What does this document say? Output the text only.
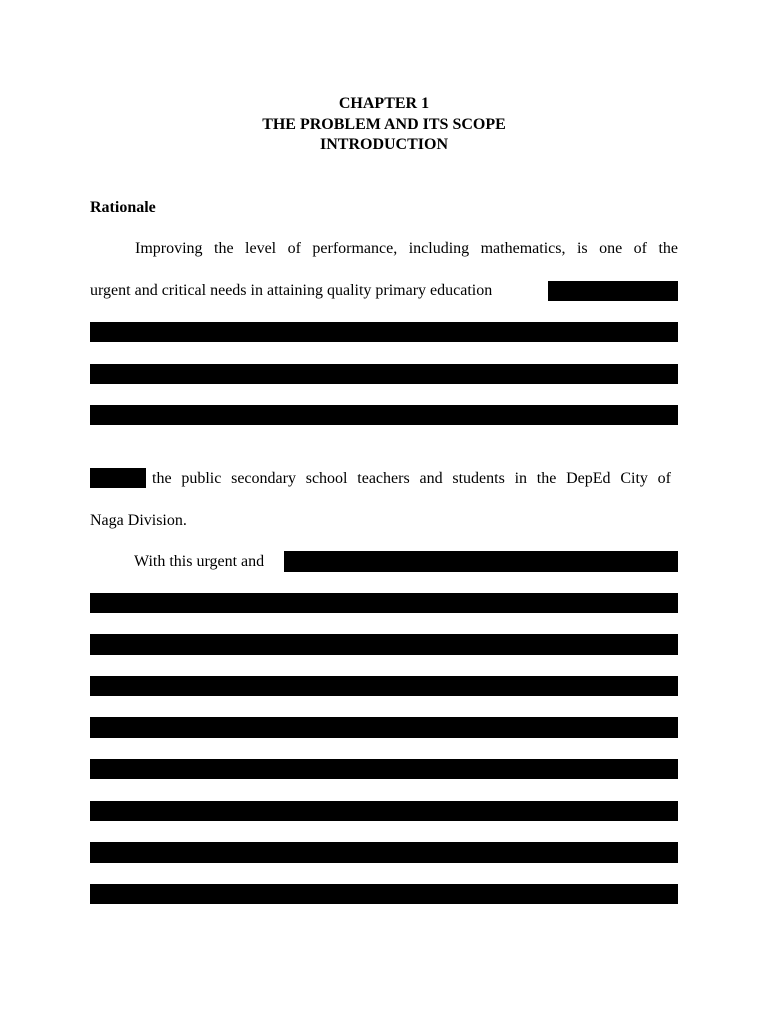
CHAPTER 1
THE PROBLEM AND ITS SCOPE
INTRODUCTION
Rationale
Improving the level of performance, including mathematics, is one of the
urgent and critical needs in attaining quality primary education
the public secondary school teachers and students in the DepEd City of
Naga Division.
With this urgent and
